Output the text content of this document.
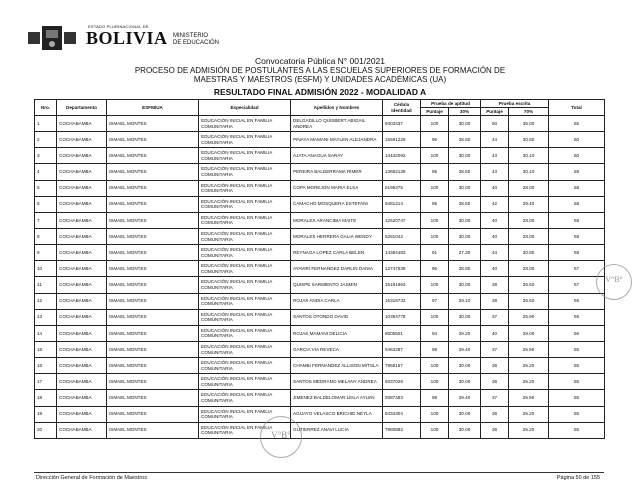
ESTADO PLURINACIONAL DE
BOLIVIA MINISTERIO
DE EDUCACIÓN
Convocatoria Pública N° 001/2021
PROCESO DE ADMISIÓN DE POSTULANTES A LAS ESCUELAS SUPERIORES DE FORMACIÓN DE
MAESTRAS Y MAESTROS (ESFM) Y UNIDADES ACADÉMICAS (UA)
RESULTADO FINAL ADMISIÓN 2022 - MODALIDAD A
Nro.	Departamento	ESFM/UA	Especialidad	Apellidos y Nombres	Cédula Identidad	Prueba de aptitud		Prueba escrita		Total
						Puntaje	30%	Puntaje	70%	
1	COCHABAMBA	ISMAEL MONTES	EDUCACIÓN INICIAL EN FAMILIA COMUNITARIA	DELGADILLO QUISBERT ABIGAIL ANDREA	9403437	100	30.00	50	35.00	65
2	COCHABAMBA	ISMAEL MONTES	EDUCACIÓN INICIAL EN FAMILIA COMUNITARIA	PINAYA MAMANI MAYLEN ALEJANDRA	15591226	96	28.80	44	30.80	60
3	COCHABAMBA	ISMAEL MONTES	EDUCACIÓN INICIAL EN FAMILIA COMUNITARIA	AJATA ANAGUA SARAY	14442092	100	30.00	43	30.10	60
4	COCHABAMBA	ISMAEL MONTES	EDUCACIÓN INICIAL EN FAMILIA COMUNITARIA	PEREIRA BALDERRAMA RIMER	13682139	95	28.50	43	30.10	59
5	COCHABAMBA	ISMAEL MONTES	EDUCACIÓN INICIAL EN FAMILIA COMUNITARIA	COPA MOREJON MARIA ELSA	5199375	100	30.00	40	28.00	58
6	COCHABAMBA	ISMAEL MONTES	EDUCACIÓN INICIAL EN FAMILIA COMUNITARIA	CAMACHO MOSQUERA ESTEFANI	9481414	95	28.50	42	29.40	58
7	COCHABAMBA	ISMAEL MONTES	EDUCACIÓN INICIAL EN FAMILIA COMUNITARIA	MORALES ARANCIBIA MAITE	12520747	100	30.00	40	28.00	58
8	COCHABAMBA	ISMAEL MONTES	EDUCACIÓN INICIAL EN FAMILIA COMUNITARIA	MORALES HERRERA GALIA WENDY	5281042	100	30.00	40	28.00	58
9	COCHABAMBA	ISMAEL MONTES	EDUCACIÓN INICIAL EN FAMILIA COMUNITARIA	REYNAGA LOPEZ CARLA BELEN	14384483	91	27.30	44	30.80	58
10	COCHABAMBA	ISMAEL MONTES	EDUCACIÓN INICIAL EN FAMILIA COMUNITARIA	AYAVIRI FERNANDEZ DARLIN DANIA	12747639	96	28.80	40	28.00	57
11	COCHABAMBA	ISMAEL MONTES	EDUCACIÓN INICIAL EN FAMILIA COMUNITARIA	QUISPE SARMIENTO JASMIN	15181963	100	30.00	38	26.60	57
12	COCHABAMBA	ISMAEL MONTES	EDUCACIÓN INICIAL EN FAMILIA COMUNITARIA	ROJAS ANDIA CARLA	16316733	97	29.10	38	26.60	56
13	COCHABAMBA	ISMAEL MONTES	EDUCACIÓN INICIAL EN FAMILIA COMUNITARIA	SANTOS OTONDO DAVID	10394778	100	30.00	37	25.90	56
14	COCHABAMBA	ISMAEL MONTES	EDUCACIÓN INICIAL EN FAMILIA COMUNITARIA	ROJAS MAMANI DELICIA	8605501	94	28.20	40	28.00	56
15	COCHABAMBA	ISMAEL MONTES	EDUCACIÓN INICIAL EN FAMILIA COMUNITARIA	GARCIA VIA REVECA	9463287	98	29.40	37	25.90	55
16	COCHABAMBA	ISMAEL MONTES	EDUCACIÓN INICIAL EN FAMILIA COMUNITARIA	CHAMBI FERNANDEZ ALLISON MITSLA	7959157	100	30.00	36	25.20	55
17	COCHABAMBA	ISMAEL MONTES	EDUCACIÓN INICIAL EN FAMILIA COMUNITARIA	SANTOS MEDRANO MELANY ANDREA	9337028	100	30.00	36	25.20	55
18	COCHABAMBA	ISMAEL MONTES	EDUCACIÓN INICIAL EN FAMILIA COMUNITARIA	JIMENEZ BALDELOMAR LEILA AYLEN	9387483	98	29.40	37	25.90	55
19	COCHABAMBA	ISMAEL MONTES	EDUCACIÓN INICIAL EN FAMILIA COMUNITARIA	AGUAYO VELASCO BRICHID NEYLA	9434304	100	30.00	36	25.20	55
20	COCHABAMBA	ISMAEL MONTES	EDUCACIÓN INICIAL EN FAMILIA COMUNITARIA	GUTIERREZ ANAVI LUCIA	7980882	100	30.00	36	25.20	55
V°B°
V°B°
Dirección General de Formación de Maestros	Página 50 de 155
